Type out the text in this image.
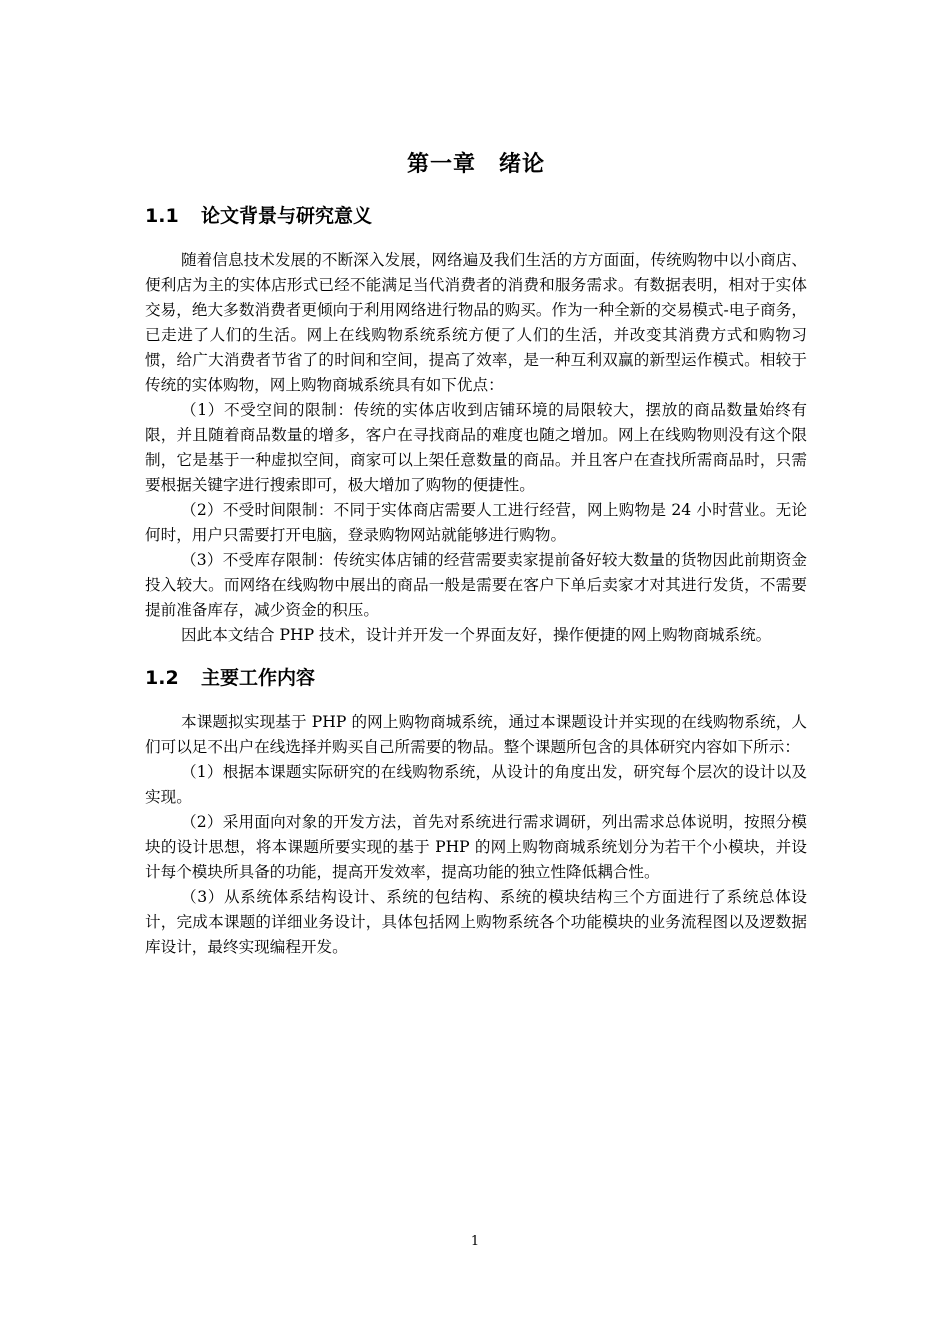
第一章　绪论
1.1 论文背景与研究意义

随着信息技术发展的不断深入发展，网络遍及我们生活的方方面面，传统购物中以小商店、便利店为主的实体店形式已经不能满足当代消费者的消费和服务需求。有数据表明，相对于实体交易，绝大多数消费者更倾向于利用网络进行物品的购买。作为一种全新的交易模式-电子商务，已走进了人们的生活。网上在线购物系统系统方便了人们的生活，并改变其消费方式和购物习惯，给广大消费者节省了的时间和空间，提高了效率，是一种互利双赢的新型运作模式。相较于传统的实体购物，网上购物商城系统具有如下优点：

（1）不受空间的限制：传统的实体店收到店铺环境的局限较大，摆放的商品数量始终有限，并且随着商品数量的增多，客户在寻找商品的难度也随之增加。网上在线购物则没有这个限制，它是基于一种虚拟空间，商家可以上架任意数量的商品。并且客户在查找所需商品时，只需要根据关键字进行搜索即可，极大增加了购物的便捷性。

（2）不受时间限制：不同于实体商店需要人工进行经营，网上购物是 24 小时营业。无论何时，用户只需要打开电脑，登录购物网站就能够进行购物。

（3）不受库存限制：传统实体店铺的经营需要卖家提前备好较大数量的货物因此前期资金投入较大。而网络在线购物中展出的商品一般是需要在客户下单后卖家才对其进行发货，不需要提前准备库存，减少资金的积压。

因此本文结合 PHP 技术，设计并开发一个界面友好，操作便捷的网上购物商城系统。

1.2 主要工作内容

本课题拟实现基于 PHP 的网上购物商城系统，通过本课题设计并实现的在线购物系统，人们可以足不出户在线选择并购买自己所需要的物品。整个课题所包含的具体研究内容如下所示：

（1）根据本课题实际研究的在线购物系统，从设计的角度出发，研究每个层次的设计以及实现。

（2）采用面向对象的开发方法，首先对系统进行需求调研，列出需求总体说明，按照分模块的设计思想，将本课题所要实现的基于 PHP 的网上购物商城系统划分为若干个小模块，并设计每个模块所具备的功能，提高开发效率，提高功能的独立性降低耦合性。

（3）从系统体系结构设计、系统的包结构、系统的模块结构三个方面进行了系统总体设计，完成本课题的详细业务设计，具体包括网上购物系统各个功能模块的业务流程图以及逻数据库设计，最终实现编程开发。

1
